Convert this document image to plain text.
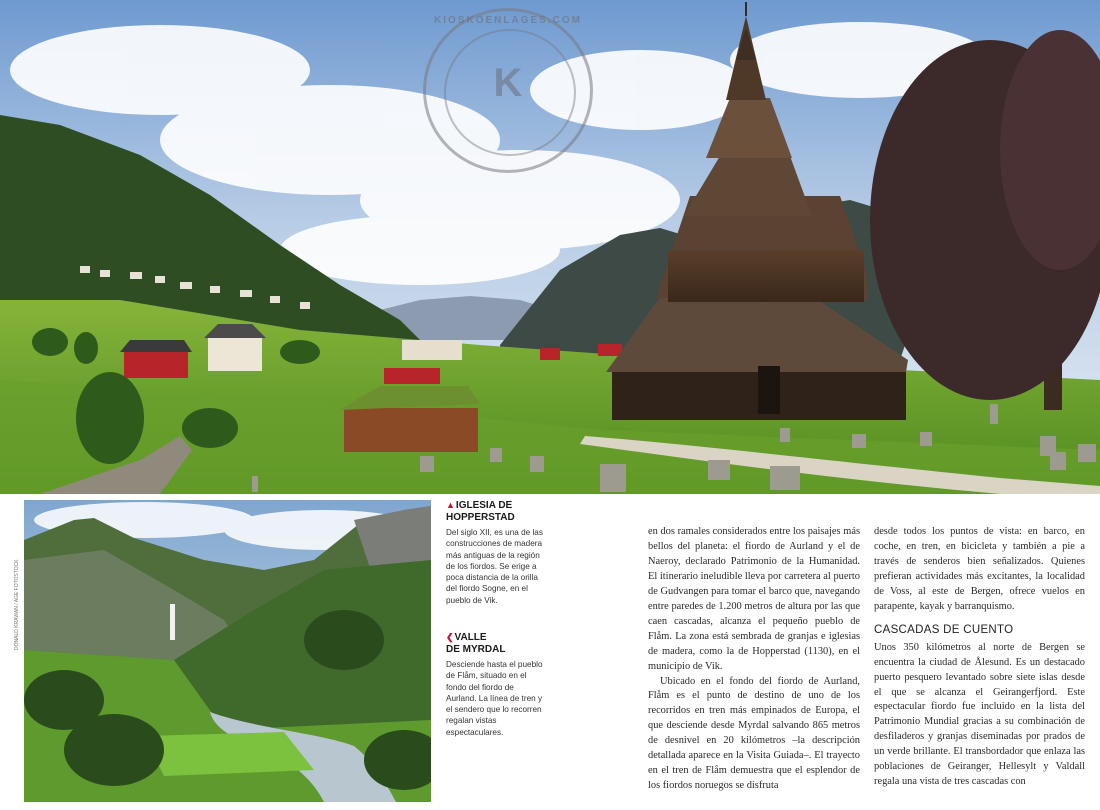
KIOSKOENLAGES.COM
K
DONALD KRAWAN / AGE FOTOSTOCK
▲IGLESIA DE
HOPPERSTAD
Del siglo XII, es una de las construcciones de madera más antiguas de la región de los fiordos. Se erige a poca distancia de la orilla del fiordo Sogne, en el pueblo de Vik.
❮VALLE
DE MYRDAL
Desciende hasta el pueblo de Flåm, situado en el fondo del fiordo de Aurland. La línea de tren y el sendero que lo recorren regalan vistas espectaculares.

en dos ramales considerados entre los paisajes más bellos del planeta: el fiordo de Aurland y el de Naeroy, declarado Patrimonio de la Humanidad. El itinerario ineludible lleva por carretera al puerto de Gudvangen para tomar el barco que, navegando entre paredes de 1.200 metros de altura por las que caen cascadas, alcanza el pequeño pueblo de Flåm. La zona está sembrada de granjas e iglesias de madera, como la de Hopperstad (1130), en el municipio de Vik.

Ubicado en el fondo del fiordo de Aurland, Flåm es el punto de destino de uno de los recorridos en tren más empinados de Europa, el que desciende desde Myrdal salvando 865 metros de desnivel en 20 kilómetros –la descripción detallada aparece en la Visita Guiada–. El trayecto en el tren de Flåm demuestra que el esplendor de los fiordos noruegos se disfruta

desde todos los puntos de vista: en barco, en coche, en tren, en bicicleta y también a pie a través de senderos bien señalizados. Quienes prefieran actividades más excitantes, la localidad de Voss, al este de Bergen, ofrece vuelos en parapente, kayak y barranquismo.

CASCADAS DE CUENTO

Unos 350 kilómetros al norte de Bergen se encuentra la ciudad de Ålesund. Es un destacado puerto pesquero levantado sobre siete islas desde el que se alcanza el Geirangerfjord. Este espectacular fiordo fue incluido en la lista del Patrimonio Mundial gracias a su combinación de desfiladeros y granjas diseminadas por prados de un verde brillante. El transbordador que enlaza las poblaciones de Geiranger, Hellesylt y Valdall regala una vista de tres cascadas con
